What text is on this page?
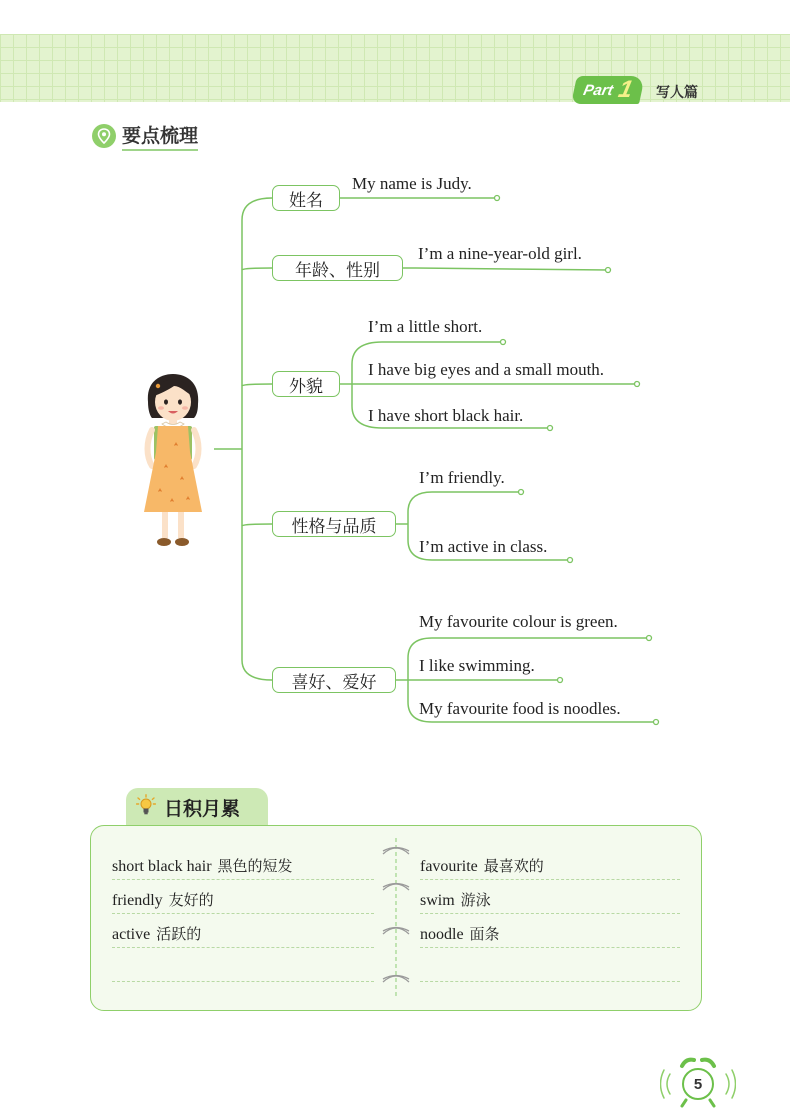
Part 1 写人篇
要点梳理
姓名
My name is Judy.
年龄、性别
I’m a nine-year-old girl.
外貌
I’m a little short.
I have big eyes and a small mouth.
I have short black hair.
性格与品质
I’m friendly.
I’m active in class.
喜好、爱好
My favourite colour is green.
I like swimming.
My favourite food is noodles.
日积月累
short black hair 黑色的短发
friendly 友好的
active 活跃的
favourite 最喜欢的
swim 游泳
noodle 面条
5
